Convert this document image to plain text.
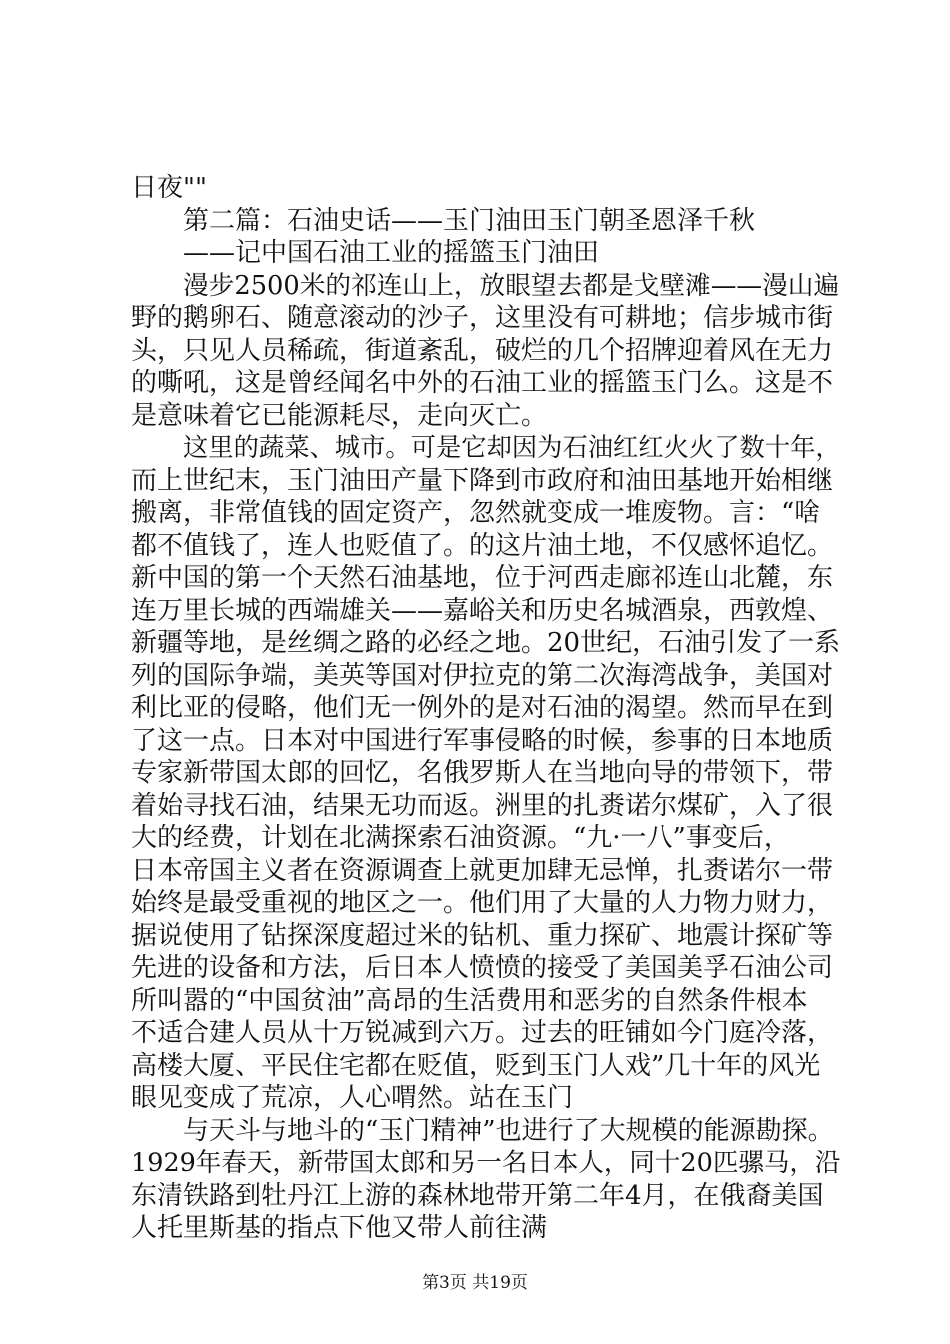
日夜""
第二篇：石油史话——玉门油田玉门朝圣恩泽千秋
——记中国石油工业的摇篮玉门油田
漫步2500米的祁连山上，放眼望去都是戈壁滩——漫山遍
野的鹅卵石、随意滚动的沙子，这里没有可耕地；信步城市街
头，只见人员稀疏，街道紊乱，破烂的几个招牌迎着风在无力
的嘶吼，这是曾经闻名中外的石油工业的摇篮玉门么。这是不
是意味着它已能源耗尽，走向灭亡。
这里的蔬菜、城市。可是它却因为石油红红火火了数十年，
而上世纪末，玉门油田产量下降到市政府和油田基地开始相继
搬离，非常值钱的固定资产，忽然就变成一堆废物。言：“啥
都不值钱了，连人也贬值了。的这片油土地，不仅感怀追忆。
新中国的第一个天然石油基地，位于河西走廊祁连山北麓，东
连万里长城的西端雄关——嘉峪关和历史名城酒泉，西敦煌、
新疆等地，是丝绸之路的必经之地。20世纪，石油引发了一系
列的国际争端，美英等国对伊拉克的第二次海湾战争，美国对
利比亚的侵略，他们无一例外的是对石油的渴望。然而早在到
了这一点。日本对中国进行军事侵略的时候，参事的日本地质
专家新带国太郎的回忆，名俄罗斯人在当地向导的带领下，带
着始寻找石油，结果无功而返。洲里的扎赉诺尔煤矿，入了很
大的经费，计划在北满探索石油资源。“九·一八”事变后，
日本帝国主义者在资源调查上就更加肆无忌惮，扎赉诺尔一带
始终是最受重视的地区之一。他们用了大量的人力物力财力，
据说使用了钻探深度超过米的钻机、重力探矿、地震计探矿等
先进的设备和方法，后日本人愤愤的接受了美国美孚石油公司
所叫嚣的“中国贫油”高昂的生活费用和恶劣的自然条件根本
不适合建人员从十万锐减到六万。过去的旺铺如今门庭冷落，
高楼大厦、平民住宅都在贬值，贬到玉门人戏”几十年的风光
眼见变成了荒凉，人心喟然。站在玉门
与天斗与地斗的“玉门精神”也进行了大规模的能源勘探。
1929年春天，新带国太郎和另一名日本人，同十20匹骡马，沿
东清铁路到牡丹江上游的森林地带开第二年4月，在俄裔美国
人托里斯基的指点下他又带人前往满
第3页 共19页
